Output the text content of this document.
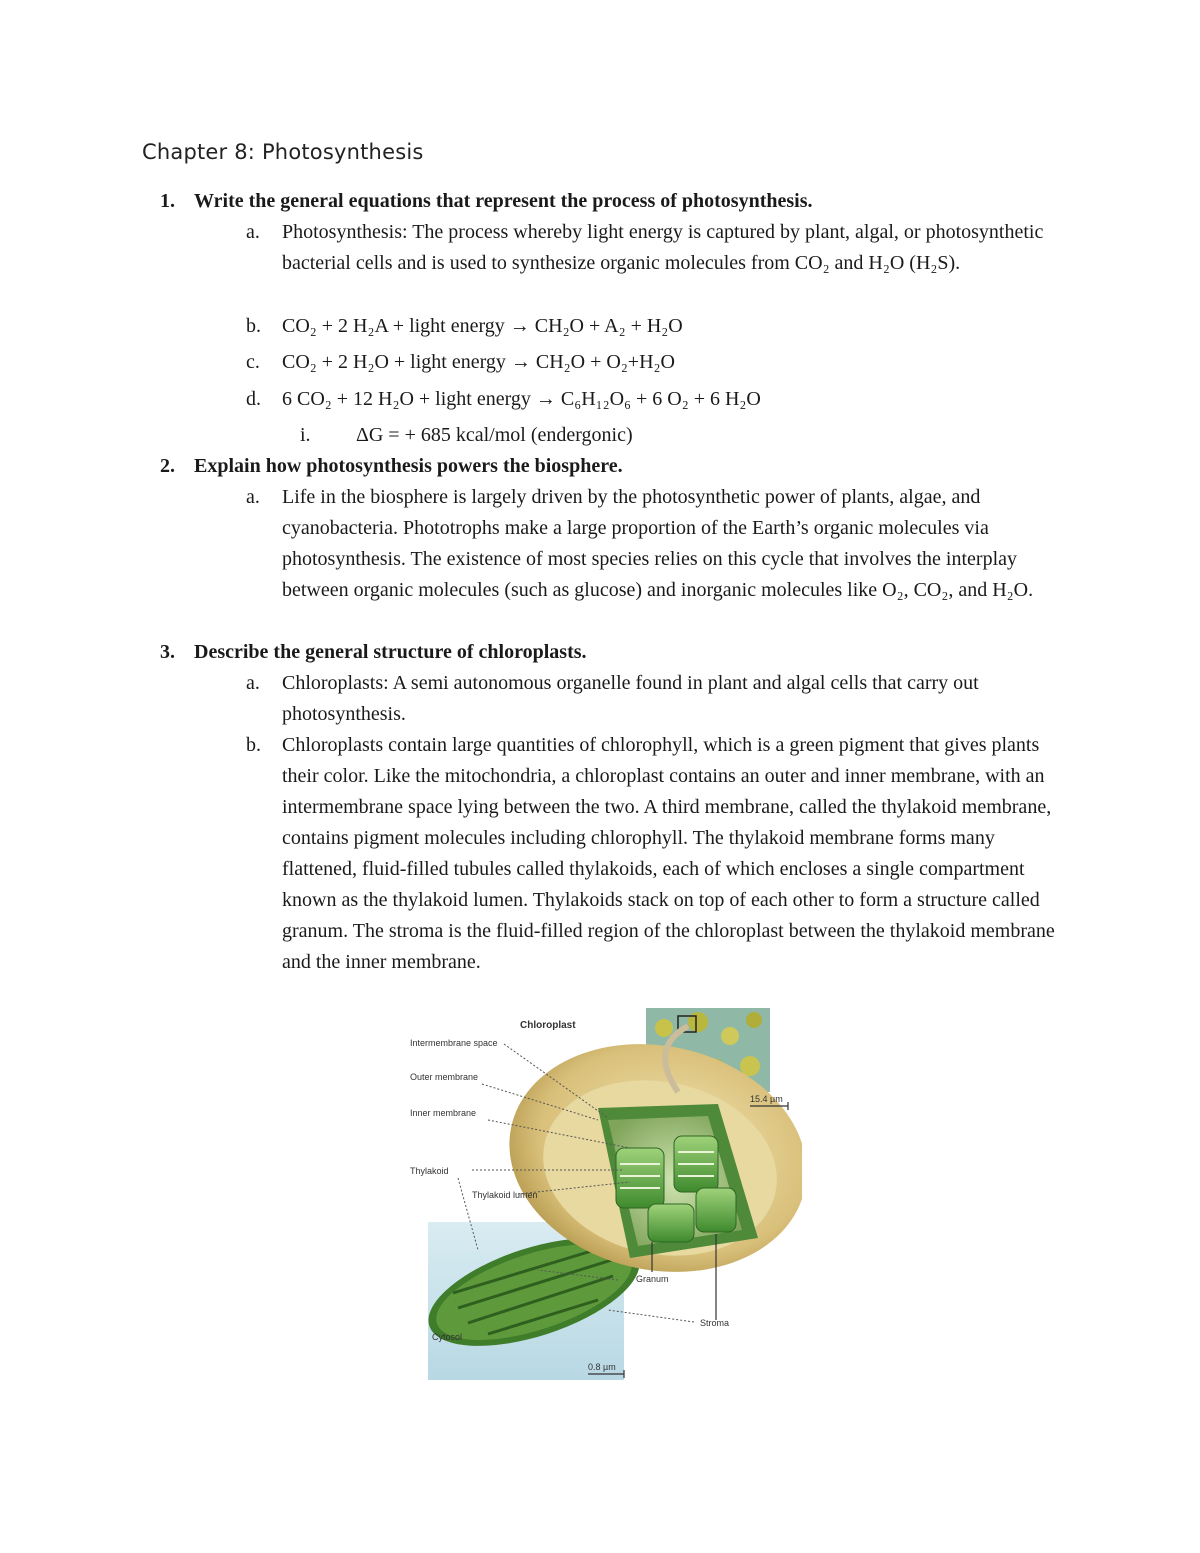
Chapter 8: Photosynthesis
1. Write the general equations that represent the process of photosynthesis.
a. Photosynthesis: The process whereby light energy is captured by plant, algal, or photosynthetic bacterial cells and is used to synthesize organic molecules from CO₂ and H₂O (H₂S).
b. CO₂ + 2 H₂A + light energy → CH₂O + A₂ + H₂O
c. CO₂ + 2 H₂O + light energy → CH₂O + O₂+H₂O
d. 6 CO₂ + 12 H₂O + light energy → C₆H₁₂O₆ + 6 O₂ + 6 H₂O
i. ΔG = + 685 kcal/mol (endergonic)
2. Explain how photosynthesis powers the biosphere.
a. Life in the biosphere is largely driven by the photosynthetic power of plants, algae, and cyanobacteria. Phototrophs make a large proportion of the Earth’s organic molecules via photosynthesis. The existence of most species relies on this cycle that involves the interplay between organic molecules (such as glucose) and inorganic molecules like O₂, CO₂, and H₂O.
3. Describe the general structure of chloroplasts.
a. Chloroplasts: A semi autonomous organelle found in plant and algal cells that carry out photosynthesis.
b. Chloroplasts contain large quantities of chlorophyll, which is a green pigment that gives plants their color. Like the mitochondria, a chloroplast contains an outer and inner membrane, with an intermembrane space lying between the two. A third membrane, called the thylakoid membrane, contains pigment molecules including chlorophyll. The thylakoid membrane forms many flattened, fluid-filled tubules called thylakoids, each of which encloses a single compartment known as the thylakoid lumen. Thylakoids stack on top of each other to form a structure called granum. The stroma is the fluid-filled region of the chloroplast between the thylakoid membrane and the inner membrane.
Chloroplast
Intermembrane space
Outer membrane
Inner membrane
Thylakoid
Thylakoid lumen
Granum
Stroma
Cytosol
15.4 µm
0.8 µm
